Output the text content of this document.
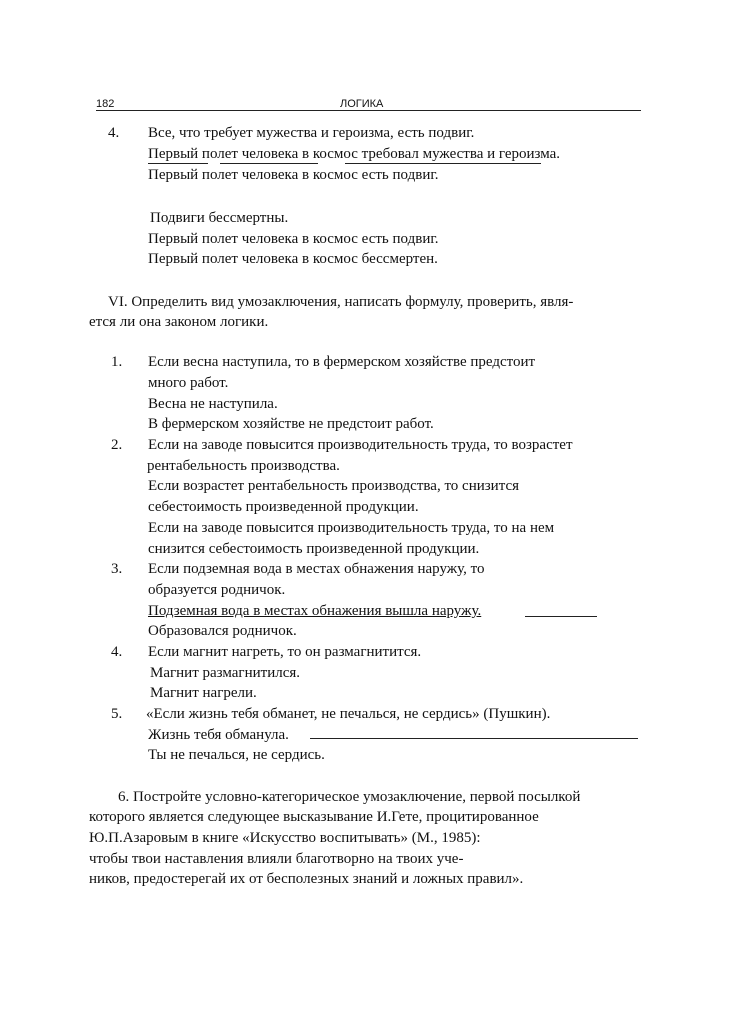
182	ЛОГИКА
4. Все, что требует мужества и героизма, есть подвиг.
Первый полет человека в космос требовал мужества и героизма.
Первый полет человека в космос есть подвиг.
Подвиги бессмертны.
Первый полет человека в космос есть подвиг.
Первый полет человека в космос бессмертен.
VI. Определить вид умозаключения, написать формулу, проверить, явля-
ется ли она законом логики.
1. Если весна наступила, то в фермерском хозяйстве предстоит
много работ.
Весна не наступила.
В фермерском хозяйстве не предстоит работ.
2. Если на заводе повысится производительность труда, то возрастет
рентабельность производства.
Если возрастет рентабельность производства, то снизится
себестоимость произведенной продукции.
Если на заводе повысится производительность труда, то на нем
снизится себестоимость произведенной продукции.
3. Если подземная вода в местах обнажения наружу, то
образуется родничок.
Подземная вода в местах обнажения вышла наружу.
Образовался родничок.
4. Если магнит нагреть, то он размагнитится.
Магнит размагнитился.
Магнит нагрели.
5. «Если жизнь тебя обманет, не печалься, не сердись» (Пушкин).
Жизнь тебя обманула.
Ты не печалься, не сердись.
6. Постройте условно-категорическое умозаключение, первой посылкой
которого является следующее высказывание И.Гете, процитированное
Ю.П.Азаровым в книге «Искусство воспитывать» (М., 1985):
чтобы твои наставления влияли благотворно на твоих уче-
ников, предостерегай их от бесполезных знаний и ложных правил».
